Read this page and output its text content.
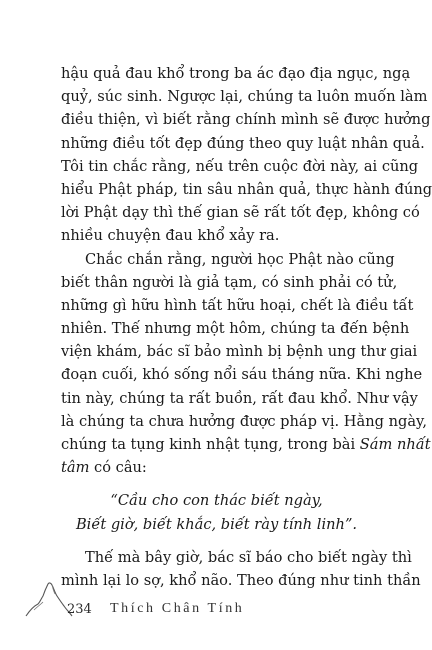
hậu quả đau khổ trong ba ác đạo địa ngục, ngạ
quỷ, súc sinh. Ngược lại, chúng ta luôn muốn làm
điều thiện, vì biết rằng chính mình sẽ được hưởng
những điều tốt đẹp đúng theo quy luật nhân quả.
Tôi tin chắc rằng, nếu trên cuộc đời này, ai cũng
hiểu Phật pháp, tin sâu nhân quả, thực hành đúng
lời Phật dạy thì thế gian sẽ rất tốt đẹp, không có
nhiều chuyện đau khổ xảy ra.
Chắc chắn rằng, người học Phật nào cũng
biết thân người là giả tạm, có sinh phải có tử,
những gì hữu hình tất hữu hoại, chết là điều tất
nhiên. Thế nhưng một hôm, chúng ta đến bệnh
viện khám, bác sĩ bảo mình bị bệnh ung thư giai
đoạn cuối, khó sống nổi sáu tháng nữa. Khi nghe
tin này, chúng ta rất buồn, rất đau khổ. Như vậy
là chúng ta chưa hưởng được pháp vị. Hằng ngày,
chúng ta tụng kinh nhật tụng, trong bài Sám nhất
tâm có câu:
“Cầu cho con thác biết ngày,
Biết giờ, biết khắc, biết rày tính linh”.
Thế mà bây giờ, bác sĩ báo cho biết ngày thì
mình lại lo sợ, khổ não. Theo đúng như tinh thần
234 Thích Chân Tính
